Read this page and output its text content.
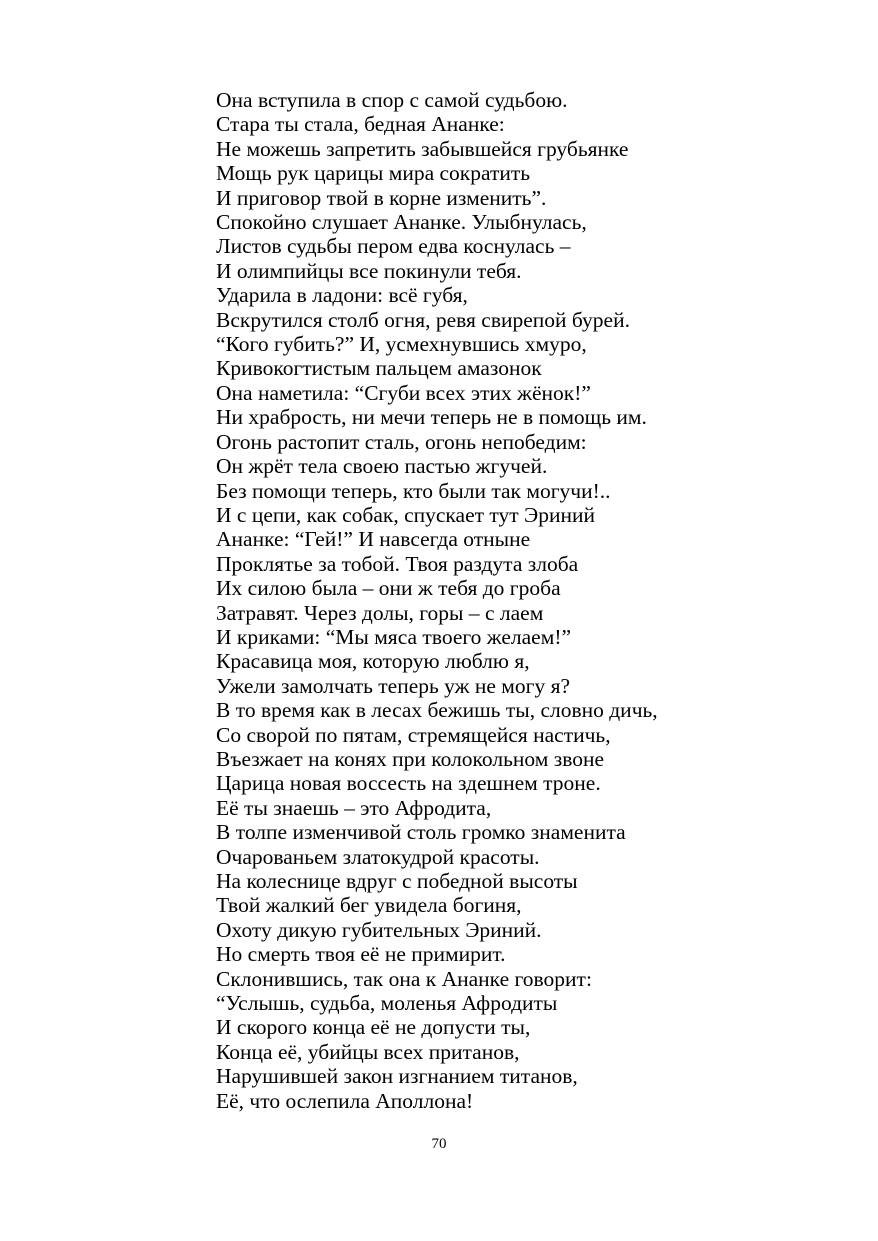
Она вступила в спор с самой судьбою.
Стара ты стала, бедная Ананке:
Не можешь запретить забывшейся грубьянке
Мощь рук царицы мира сократить
И приговор твой в корне изменить”.
Спокойно слушает Ананке. Улыбнулась,
Листов судьбы пером едва коснулась –
И олимпийцы все покинули тебя.
Ударила в ладони: всё губя,
Вскрутился столб огня, ревя свирепой бурей.
“Кого губить?” И, усмехнувшись хмуро,
Кривокогтистым пальцем амазонок
Она наметила: “Сгуби всех этих жёнок!”
Ни храбрость, ни мечи теперь не в помощь им.
Огонь растопит сталь, огонь непобедим:
Он жрёт тела своею пастью жгучей.
Без помощи теперь, кто были так могучи!..
И с цепи, как собак, спускает тут Эриний
Ананке: “Гей!” И навсегда отныне
Проклятье за тобой. Твоя раздута злоба
Их силою была – они ж тебя до гроба
Затравят. Через долы, горы – с лаем
И криками: “Мы мяса твоего желаем!”
Красавица моя, которую люблю я,
Ужели замолчать теперь уж не могу я?
В то время как в лесах бежишь ты, словно дичь,
Со сворой по пятам, стремящейся настичь,
Въезжает на конях при колокольном звоне
Царица новая воссесть на здешнем троне.
Её ты знаешь – это Афродита,
В толпе изменчивой столь громко знаменита
Очарованьем златокудрой красоты.
На колеснице вдруг с победной высоты
Твой жалкий бег увидела богиня,
Охоту дикую губительных Эриний.
Но смерть твоя её не примирит.
Склонившись, так она к Ананке говорит:
“Услышь, судьба, моленья Афродиты
И скорого конца её не допусти ты,
Конца её, убийцы всех пританов,
Нарушившей закон изгнанием титанов,
Её, что ослепила Аполлона!
70
